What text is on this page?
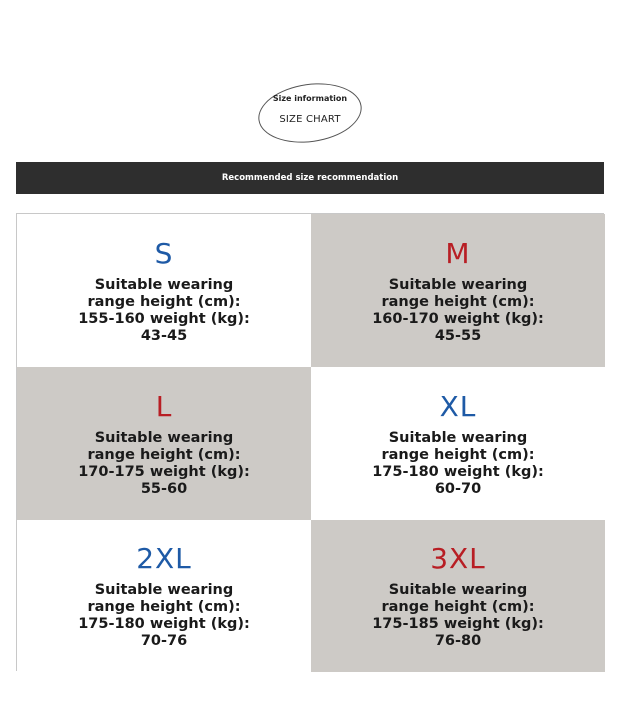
Size information
SIZE CHART
Recommended size recommendation
S
Suitable wearing range height (cm): 155-160 weight (kg): 43-45
M
Suitable wearing range height (cm): 160-170 weight (kg): 45-55
L
Suitable wearing range height (cm): 170-175 weight (kg): 55-60
XL
Suitable wearing range height (cm): 175-180 weight (kg): 60-70
2XL
Suitable wearing range height (cm): 175-180 weight (kg): 70-76
3XL
Suitable wearing range height (cm): 175-185 weight (kg): 76-80
